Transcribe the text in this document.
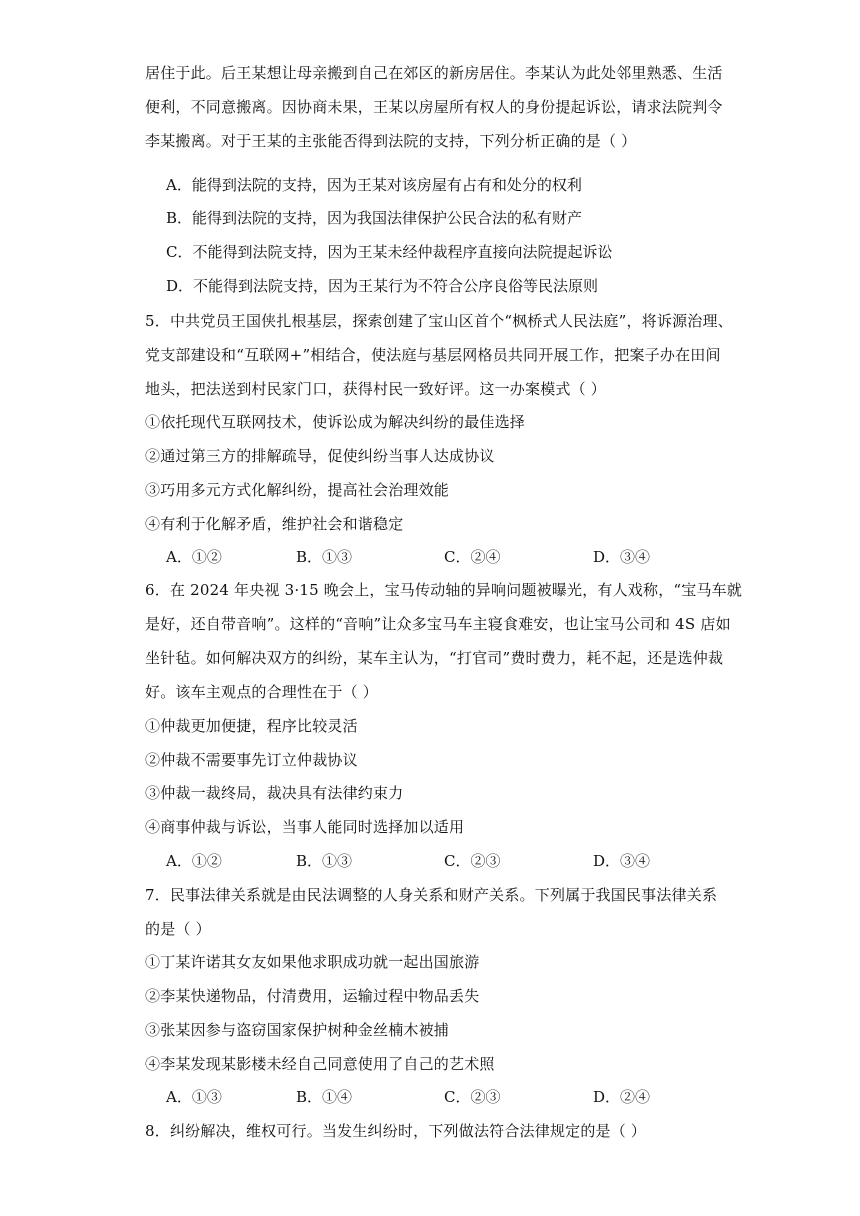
居住于此。后王某想让母亲搬到自己在郊区的新房居住。李某认为此处邻里熟悉、生活
便利，不同意搬离。因协商未果，王某以房屋所有权人的身份提起诉讼，请求法院判令
李某搬离。对于王某的主张能否得到法院的支持，下列分析正确的是（ ）
A．能得到法院的支持，因为王某对该房屋有占有和处分的权利
B．能得到法院的支持，因为我国法律保护公民合法的私有财产
C．不能得到法院支持，因为王某未经仲裁程序直接向法院提起诉讼
D．不能得到法院支持，因为王某行为不符合公序良俗等民法原则
5．中共党员王国侠扎根基层，探索创建了宝山区首个“枫桥式人民法庭”，将诉源治理、
党支部建设和“互联网+”相结合，使法庭与基层网格员共同开展工作，把案子办在田间
地头，把法送到村民家门口，获得村民一致好评。这一办案模式（ ）
①依托现代互联网技术，使诉讼成为解决纠纷的最佳选择
②通过第三方的排解疏导，促使纠纷当事人达成协议
③巧用多元方式化解纠纷，提高社会治理效能
④有利于化解矛盾，维护社会和谐稳定
A．①②	B．①③	C．②④	D．③④
6．在 2024 年央视 3·15 晚会上，宝马传动轴的异响问题被曝光，有人戏称，“宝马车就
是好，还自带音响”。这样的“音响”让众多宝马车主寝食难安，也让宝马公司和 4S 店如
坐针毡。如何解决双方的纠纷，某车主认为，“打官司”费时费力，耗不起，还是选仲裁
好。该车主观点的合理性在于（ ）
①仲裁更加便捷，程序比较灵活
②仲裁不需要事先订立仲裁协议
③仲裁一裁终局，裁决具有法律约束力
④商事仲裁与诉讼，当事人能同时选择加以适用
A．①②	B．①③	C．②③	D．③④
7．民事法律关系就是由民法调整的人身关系和财产关系。下列属于我国民事法律关系
的是（ ）
①丁某许诺其女友如果他求职成功就一起出国旅游
②李某快递物品，付清费用，运输过程中物品丢失
③张某因参与盗窃国家保护树种金丝楠木被捕
④李某发现某影楼未经自己同意使用了自己的艺术照
A．①③	B．①④	C．②③	D．②④
8．纠纷解决，维权可行。当发生纠纷时，下列做法符合法律规定的是（ ）
